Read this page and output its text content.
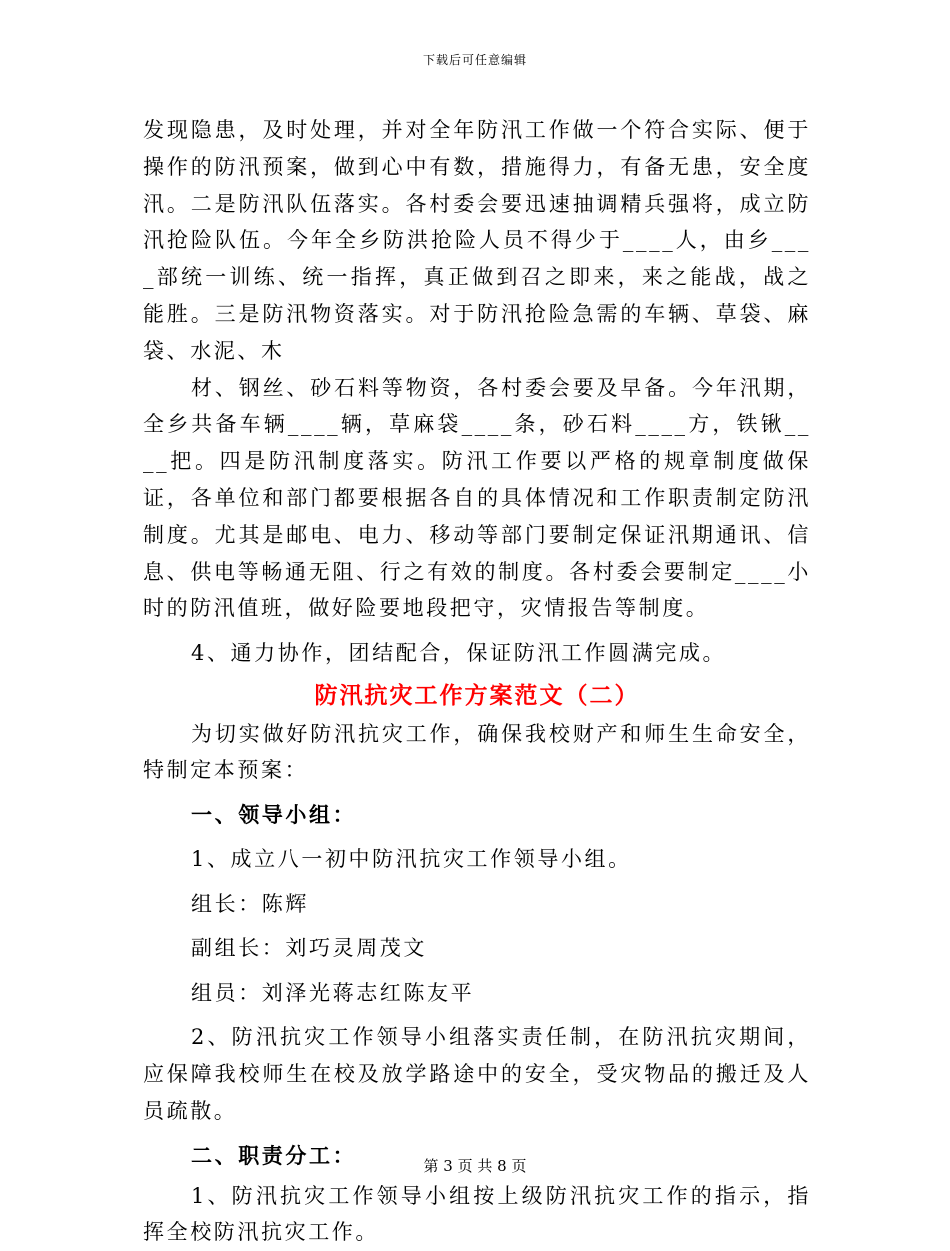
下载后可任意编辑

发现隐患，及时处理，并对全年防汛工作做一个符合实际、便于操作的防汛预案，做到心中有数，措施得力，有备无患，安全度汛。二是防汛队伍落实。各村委会要迅速抽调精兵强将，成立防汛抢险队伍。今年全乡防洪抢险人员不得少于____人，由乡____部统一训练、统一指挥，真正做到召之即来，来之能战，战之能胜。三是防汛物资落实。对于防汛抢险急需的车辆、草袋、麻袋、水泥、木

材、钢丝、砂石料等物资，各村委会要及早备。今年汛期，全乡共备车辆____辆，草麻袋____条，砂石料____方，铁锹____把。四是防汛制度落实。防汛工作要以严格的规章制度做保证，各单位和部门都要根据各自的具体情况和工作职责制定防汛制度。尤其是邮电、电力、移动等部门要制定保证汛期通讯、信息、供电等畅通无阻、行之有效的制度。各村委会要制定____小时的防汛值班，做好险要地段把守，灾情报告等制度。

4、通力协作，团结配合，保证防汛工作圆满完成。

防汛抗灾工作方案范文（二）

为切实做好防汛抗灾工作，确保我校财产和师生生命安全，特制定本预案：

一、领导小组：

1、成立八一初中防汛抗灾工作领导小组。

组长：陈辉

副组长：刘巧灵周茂文

组员：刘泽光蒋志红陈友平

2、防汛抗灾工作领导小组落实责任制，在防汛抗灾期间，应保障我校师生在校及放学路途中的安全，受灾物品的搬迁及人员疏散。

二、职责分工：

1、防汛抗灾工作领导小组按上级防汛抗灾工作的指示，指挥全校防汛抗灾工作。

第 3 页 共 8 页
